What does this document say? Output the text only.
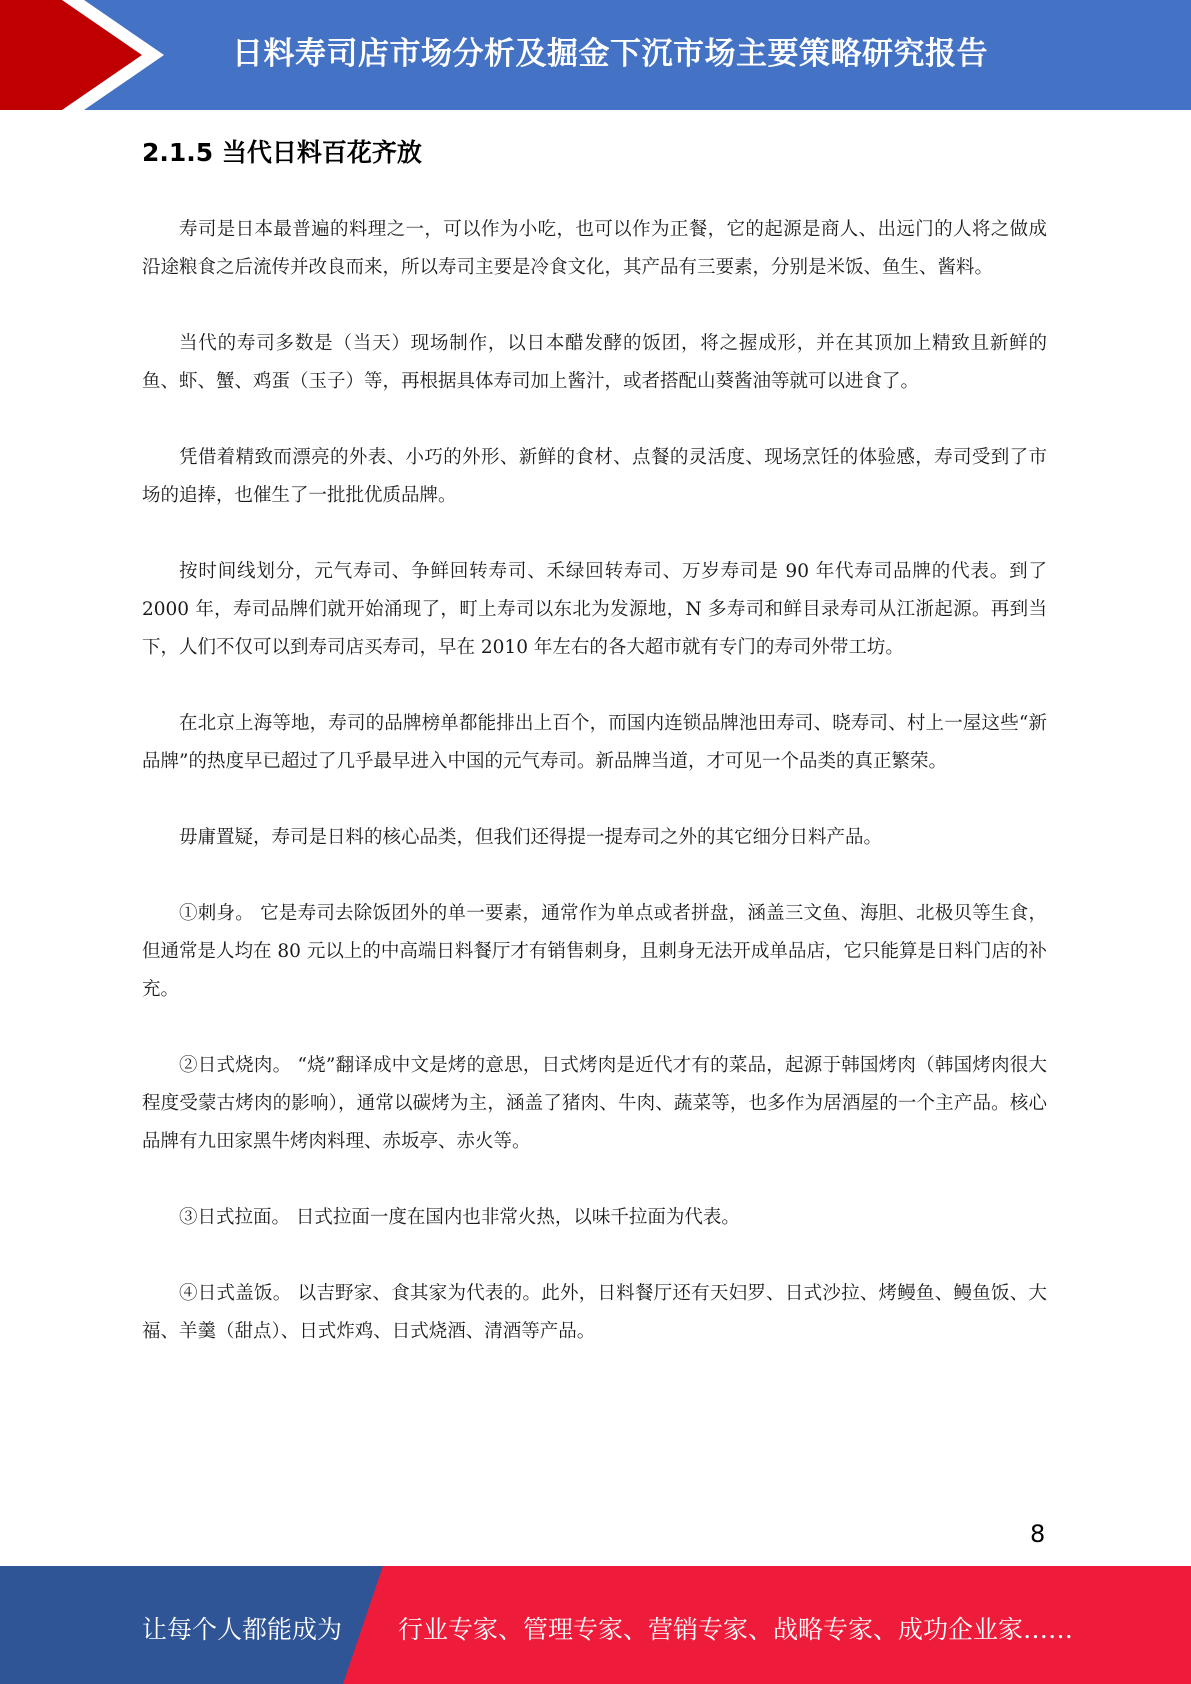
日料寿司店市场分析及掘金下沉市场主要策略研究报告
2.1.5 当代日料百花齐放

寿司是日本最普遍的料理之一，可以作为小吃，也可以作为正餐，它的起源是商人、出远门的人将之做成沿途粮食之后流传并改良而来，所以寿司主要是冷食文化，其产品有三要素，分别是米饭、鱼生、酱料。

当代的寿司多数是（当天）现场制作，以日本醋发酵的饭团，将之握成形，并在其顶加上精致且新鲜的鱼、虾、蟹、鸡蛋（玉子）等，再根据具体寿司加上酱汁，或者搭配山葵酱油等就可以进食了。

凭借着精致而漂亮的外表、小巧的外形、新鲜的食材、点餐的灵活度、现场烹饪的体验感，寿司受到了市场的追捧，也催生了一批批优质品牌。

按时间线划分，元气寿司、争鲜回转寿司、禾绿回转寿司、万岁寿司是 90 年代寿司品牌的代表。到了 2000 年，寿司品牌们就开始涌现了，町上寿司以东北为发源地，N 多寿司和鲜目录寿司从江浙起源。再到当下，人们不仅可以到寿司店买寿司，早在 2010 年左右的各大超市就有专门的寿司外带工坊。

在北京上海等地，寿司的品牌榜单都能排出上百个，而国内连锁品牌池田寿司、晓寿司、村上一屋这些“新品牌”的热度早已超过了几乎最早进入中国的元气寿司。新品牌当道，才可见一个品类的真正繁荣。

毋庸置疑，寿司是日料的核心品类，但我们还得提一提寿司之外的其它细分日料产品。

①刺身。 它是寿司去除饭团外的单一要素，通常作为单点或者拼盘，涵盖三文鱼、海胆、北极贝等生食，但通常是人均在 80 元以上的中高端日料餐厅才有销售刺身，且刺身无法开成单品店，它只能算是日料门店的补充。

②日式烧肉。 “烧”翻译成中文是烤的意思，日式烤肉是近代才有的菜品，起源于韩国烤肉（韩国烤肉很大程度受蒙古烤肉的影响），通常以碳烤为主，涵盖了猪肉、牛肉、蔬菜等，也多作为居酒屋的一个主产品。核心品牌有九田家黑牛烤肉料理、赤坂亭、赤火等。

③日式拉面。 日式拉面一度在国内也非常火热，以味千拉面为代表。

④日式盖饭。 以吉野家、食其家为代表的。此外，日料餐厅还有天妇罗、日式沙拉、烤鳗鱼、鳗鱼饭、大福、羊羹（甜点）、日式炸鸡、日式烧酒、清酒等产品。

8
让每个人都能成为 行业专家、管理专家、营销专家、战略专家、成功企业家……
